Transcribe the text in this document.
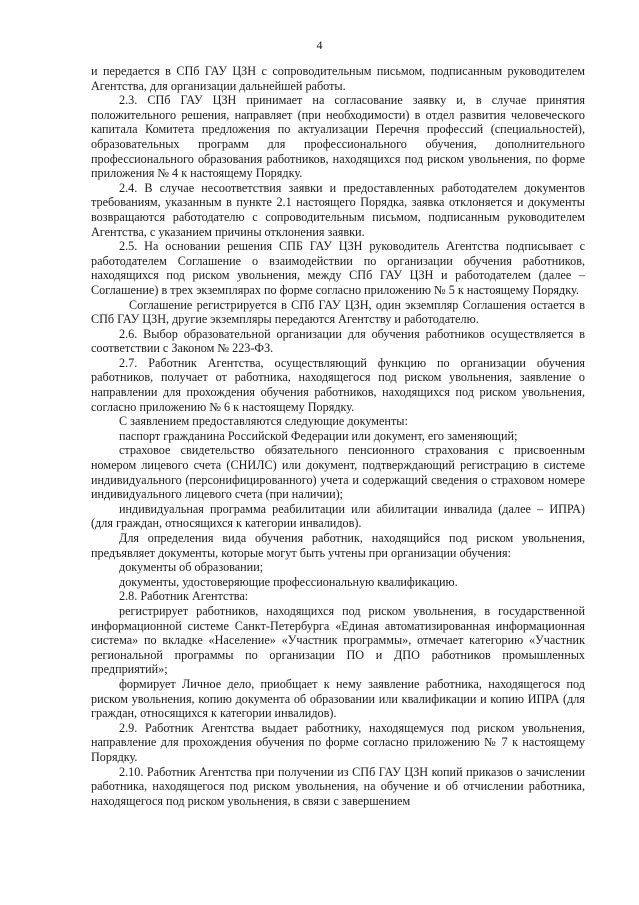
4

и передается в СПб ГАУ ЦЗН с сопроводительным письмом, подписанным руководителем Агентства, для организации дальнейшей работы.

2.3. СПб ГАУ ЦЗН принимает на согласование заявку и, в случае принятия положительного решения, направляет (при необходимости) в отдел развития человеческого капитала Комитета предложения по актуализации Перечня профессий (специальностей), образовательных программ для профессионального обучения, дополнительного профессионального образования работников, находящихся под риском увольнения, по форме приложения № 4 к настоящему Порядку.

2.4. В случае несоответствия заявки и предоставленных работодателем документов требованиям, указанным в пункте 2.1 настоящего Порядка, заявка отклоняется и документы возвращаются работодателю с сопроводительным письмом, подписанным руководителем Агентства, с указанием причины отклонения заявки.

2.5. На основании решения СПБ ГАУ ЦЗН руководитель Агентства подписывает с работодателем Соглашение о взаимодействии по организации обучения работников, находящихся под риском увольнения, между СПб ГАУ ЦЗН и работодателем (далее – Соглашение) в трех экземплярах по форме согласно приложению № 5 к настоящему Порядку.

Соглашение регистрируется в СПб ГАУ ЦЗН, один экземпляр Соглашения остается в СПб ГАУ ЦЗН, другие экземпляры передаются Агентству и работодателю.

2.6. Выбор образовательной организации для обучения работников осуществляется в соответствии с Законом № 223-ФЗ.

2.7. Работник Агентства, осуществляющий функцию по организации обучения работников, получает от работника, находящегося под риском увольнения, заявление о направлении для прохождения обучения работников, находящихся под риском увольнения, согласно приложению № 6 к настоящему Порядку.

С заявлением предоставляются следующие документы:

паспорт гражданина Российской Федерации или документ, его заменяющий;

страховое свидетельство обязательного пенсионного страхования с присвоенным номером лицевого счета (СНИЛС) или документ, подтверждающий регистрацию в системе индивидуального (персонифицированного) учета и содержащий сведения о страховом номере индивидуального лицевого счета (при наличии);

индивидуальная программа реабилитации или абилитации инвалида (далее – ИПРА) (для граждан, относящихся к категории инвалидов).

Для определения вида обучения работник, находящийся под риском увольнения, предъявляет документы, которые могут быть учтены при организации обучения:

документы об образовании;

документы, удостоверяющие профессиональную квалификацию.

2.8. Работник Агентства:

регистрирует работников, находящихся под риском увольнения, в государственной информационной системе Санкт-Петербурга «Единая автоматизированная информационная система» по вкладке «Население» «Участник программы», отмечает категорию «Участник региональной программы по организации ПО и ДПО работников промышленных предприятий»;

формирует Личное дело, приобщает к нему заявление работника, находящегося под риском увольнения, копию документа об образовании или квалификации и копию ИПРА (для граждан, относящихся к категории инвалидов).

2.9. Работник Агентства выдает работнику, находящемуся под риском увольнения, направление для прохождения обучения по форме согласно приложению № 7 к настоящему Порядку.

2.10. Работник Агентства при получении из СПб ГАУ ЦЗН копий приказов о зачислении работника, находящегося под риском увольнения, на обучение и об отчислении работника, находящегося под риском увольнения, в связи с завершением
